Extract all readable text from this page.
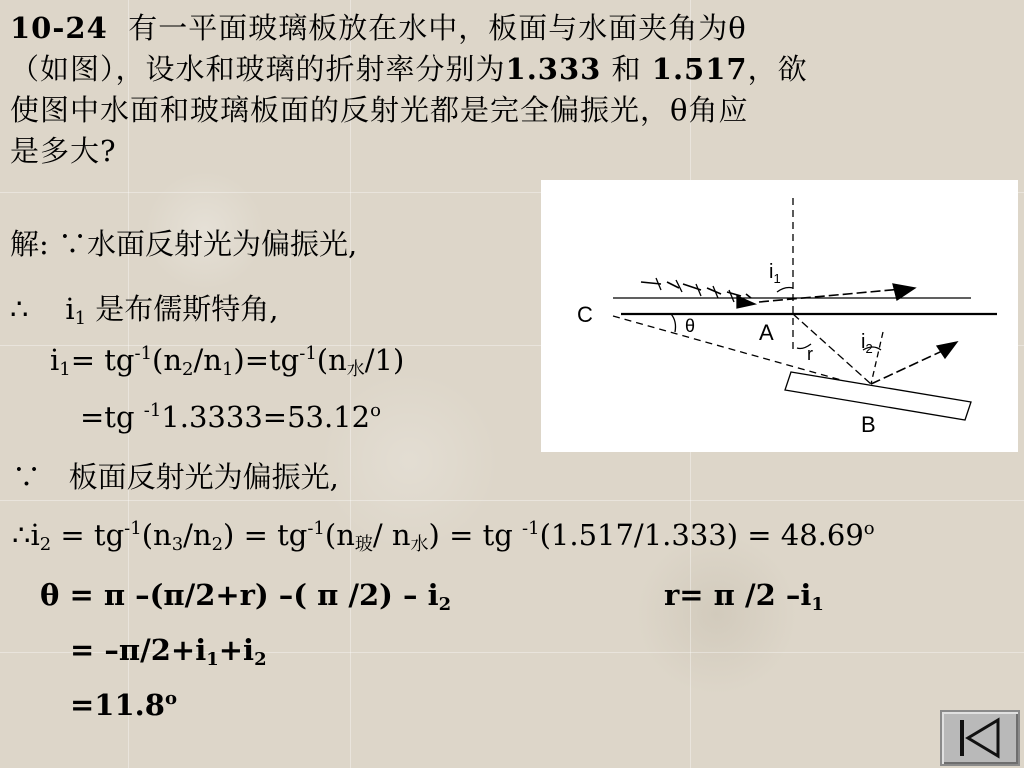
10-24 有一平面玻璃板放在水中，板面与水面夹角为θ
（如图），设水和玻璃的折射率分别为1.333 和 1.517，欲
使图中水面和玻璃板面的反射光都是完全偏振光，θ角应
是多大?
解: ∵水面反射光为偏振光,
∴ $i_1$ 是布儒斯特角,
$i_1= tg^{-1}(n_2/n_1)=tg^{-1}(n_水/1)$
=tg $^{-1}1.3333=53.12^o$
∵ 板面反射光为偏振光,
$\therefore i_2 = tg^{-1}(n_3/n_2) = tg^{-1}(n_玻/$ $n_水$) = tg $^{-1}(1.517/1.333) = 48.69^o$
θ = π –(π/2+r) –( π $/2) - i_2$	r= π /2 $-i_1$
= $-\pi/2+i_1+i_2$
$=11.8^o$
C
A
B
θ
r
$i_1$
$i_2$
